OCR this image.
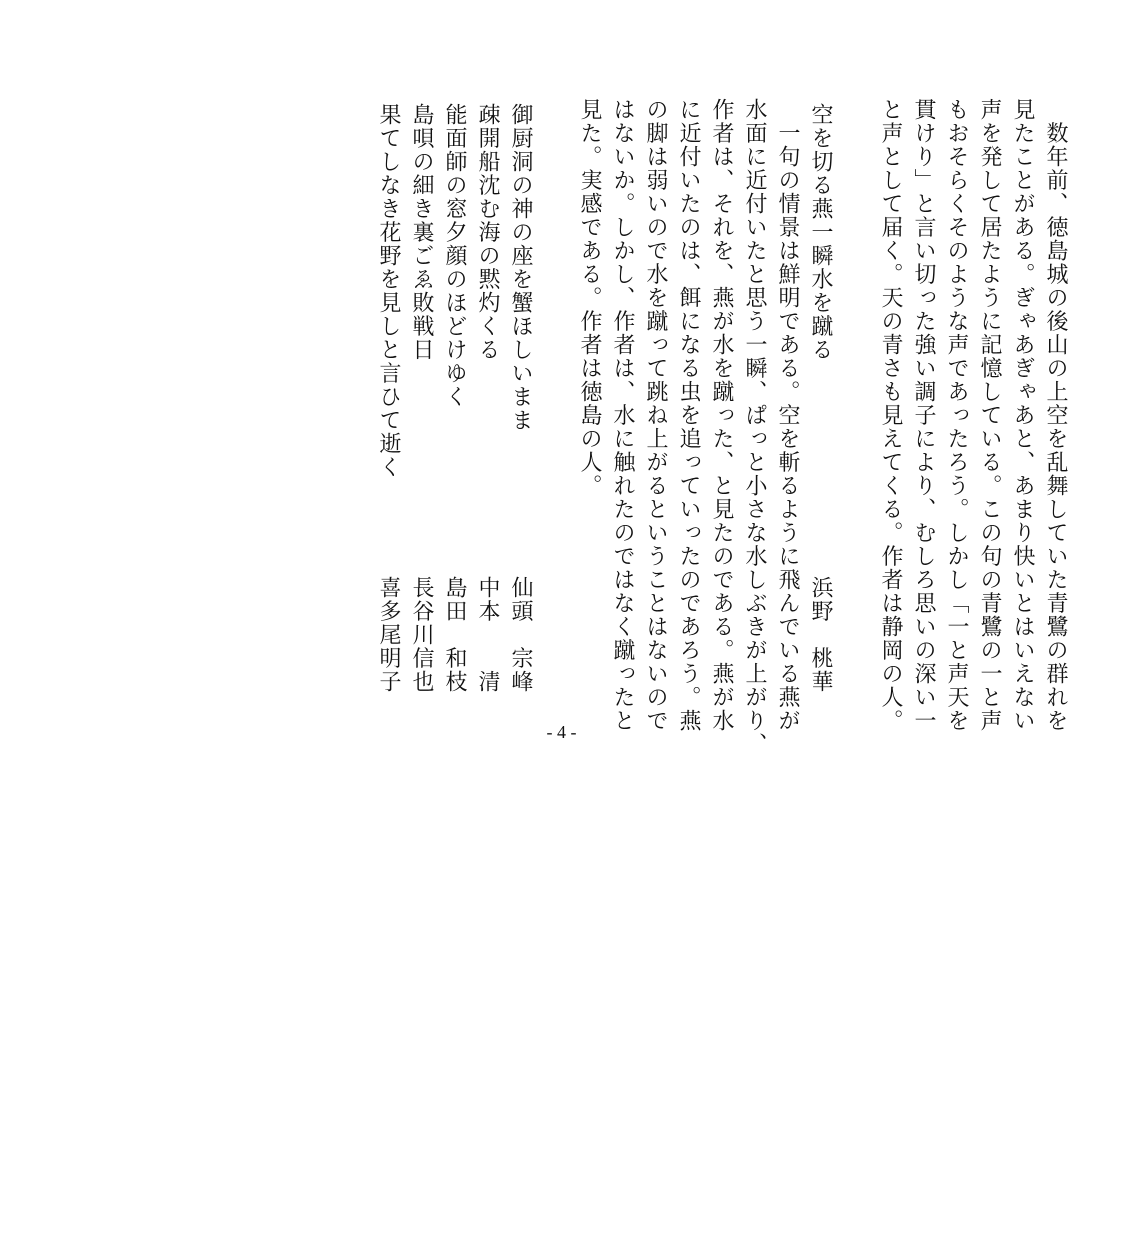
　数年前、徳島城の後山の上空を乱舞していた青鷺の群れを
見たことがある。ぎゃあぎゃあと、あまり快いとはいえない
声を発して居たように記憶している。この句の青鷺の一と声
もおそらくそのような声であったろう。しかし「一と声天を
貫けり」と言い切った強い調子により、むしろ思いの深い一
と声として届く。天の青さも見えてくる。作者は静岡の人。
空を切る燕一瞬水を蹴る
浜野　桃華
　一句の情景は鮮明である。空を斬るように飛んでいる燕が
水面に近付いたと思う一瞬、ぱっと小さな水しぶきが上がり、
作者は、それを、燕が水を蹴った、と見たのである。燕が水
に近付いたのは、餌になる虫を追っていったのであろう。燕
の脚は弱いので水を蹴って跳ね上がるということはないので
はないか。しかし、作者は、水に触れたのではなく蹴ったと
見た。実感である。作者は徳島の人。
御厨洞の神の座を蟹ほしいまま
仙頭　宗峰
疎開船沈む海の黙灼くる
中本　　清
能面師の窓夕顔のほどけゆく
島田　和枝
島唄の細き裏ごゑ敗戦日
長谷川信也
果てしなき花野を見しと言ひて逝く
喜多尾明子
- 4 -
